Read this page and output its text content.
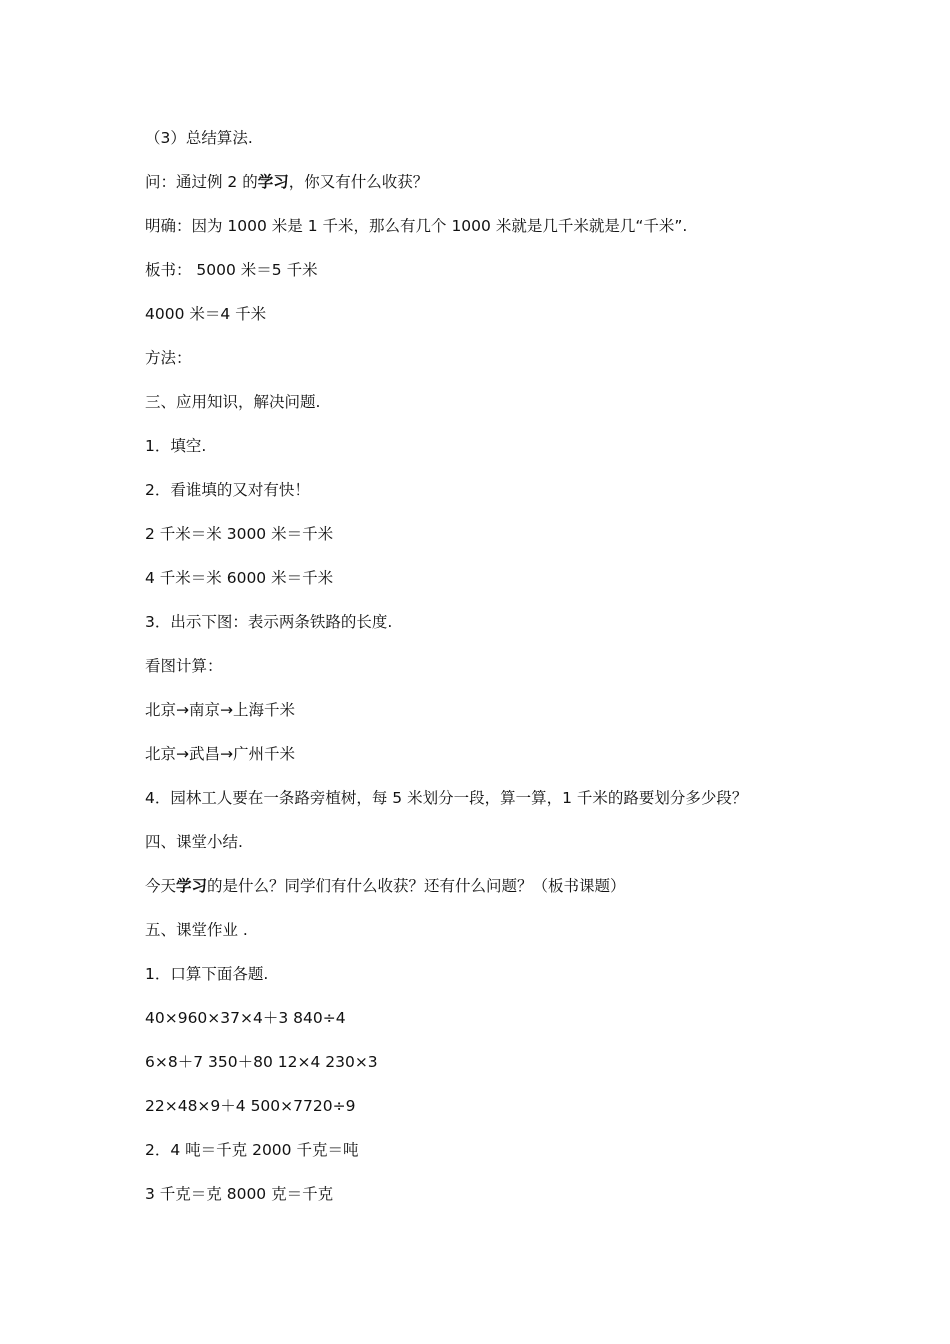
（3）总结算法.
问：通过例 2 的学习，你又有什么收获？
明确：因为 1000 米是 1 千米，那么有几个 1000 米就是几千米就是几“千米”.
板书： 5000 米＝5 千米
4000 米＝4 千米
方法：
三、应用知识，解决问题.
1．填空.
2．看谁填的又对有快！
2 千米＝米 3000 米＝千米
4 千米＝米 6000 米＝千米
3．出示下图：表示两条铁路的长度.
看图计算：
北京→南京→上海千米
北京→武昌→广州千米
4．园林工人要在一条路旁植树，每 5 米划分一段，算一算，1 千米的路要划分多少段？
四、课堂小结.
今天学习的是什么？同学们有什么收获？还有什么问题？（板书课题）
五、课堂作业 .
1．口算下面各题.
40×960×37×4＋3 840÷4
6×8＋7 350＋80 12×4 230×3
22×48×9＋4 500×7720÷9
2．4 吨＝千克 2000 千克＝吨
3 千克＝克 8000 克＝千克
